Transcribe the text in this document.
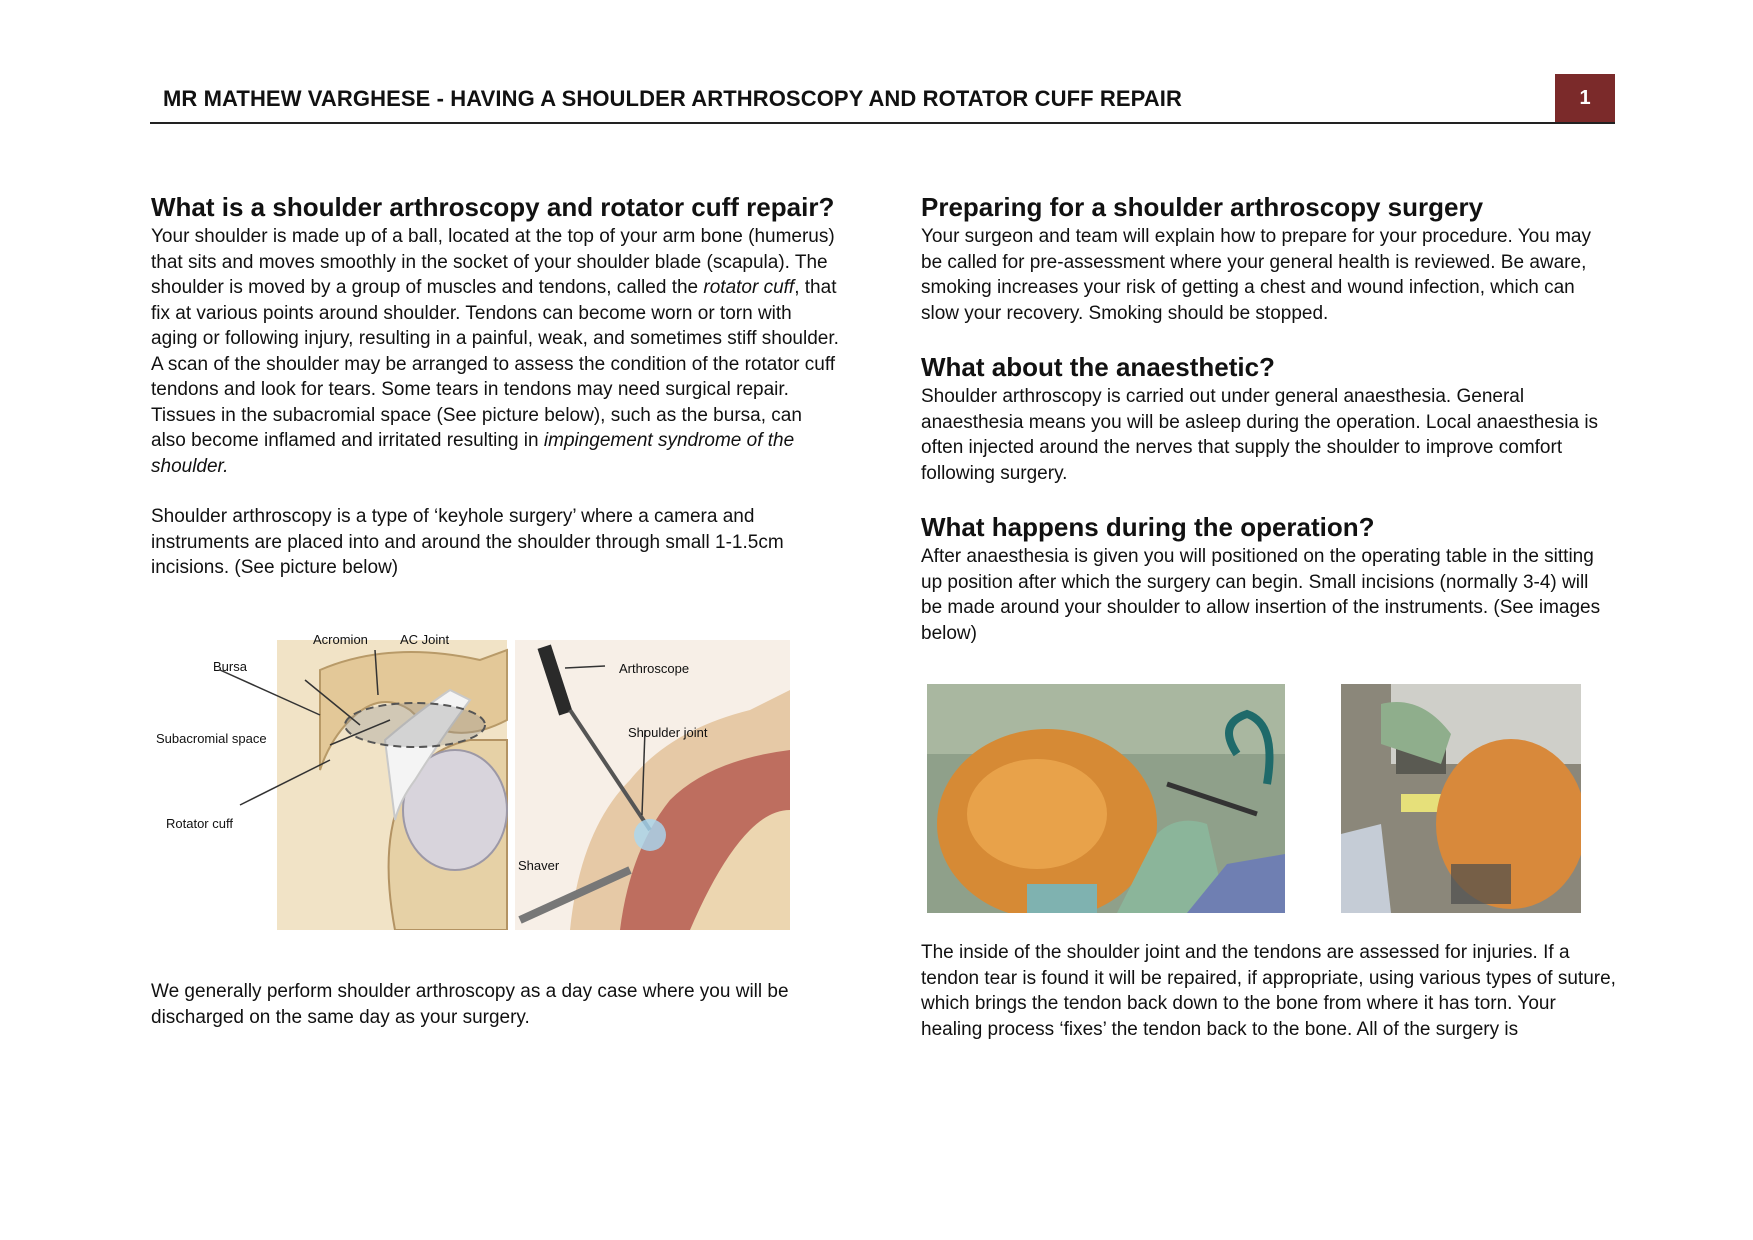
MR MATHEW VARGHESE - HAVING A SHOULDER ARTHROSCOPY AND ROTATOR CUFF REPAIR	1
What is a shoulder arthroscopy and rotator cuff repair?

Your shoulder is made up of a ball, located at the top of your arm bone (humerus) that sits and moves smoothly in the socket of your shoulder blade (scapula). The shoulder is moved by a group of muscles and tendons, called the rotator cuff, that fix at various points around shoulder. Tendons can become worn or torn with aging or following injury, resulting in a painful, weak, and sometimes stiff shoulder. A scan of the shoulder may be arranged to assess the condition of the rotator cuff tendons and look for tears. Some tears in tendons may need surgical repair. Tissues in the subacromial space (See picture below), such as the bursa, can also become inflamed and irritated resulting in impingement syndrome of the shoulder.

Shoulder arthroscopy is a type of ‘keyhole surgery’ where a camera and instruments are placed into and around the shoulder through small 1-1.5cm incisions. (See picture below)

Acromion AC Joint
Bursa
Subacromial space
Rotator cuff
Arthroscope
Shoulder joint
Shaver

We generally perform shoulder arthroscopy as a day case where you will be discharged on the same day as your surgery.

Preparing for a shoulder arthroscopy surgery

Your surgeon and team will explain how to prepare for your procedure. You may be called for pre-assessment where your general health is reviewed. Be aware, smoking increases your risk of getting a chest and wound infection, which can slow your recovery. Smoking should be stopped.

What about the anaesthetic?

Shoulder arthroscopy is carried out under general anaesthesia. General anaesthesia means you will be asleep during the operation. Local anaesthesia is often injected around the nerves that supply the shoulder to improve comfort following surgery.

What happens during the operation?

After anaesthesia is given you will positioned on the operating table in the sitting up position after which the surgery can begin. Small incisions (normally 3-4) will be made around your shoulder to allow insertion of the instruments. (See images below)

The inside of the shoulder joint and the tendons are assessed for injuries. If a tendon tear is found it will be repaired, if appropriate, using various types of suture, which brings the tendon back down to the bone from where it has torn. Your healing process ‘fixes’ the tendon back to the bone. All of the surgery is
